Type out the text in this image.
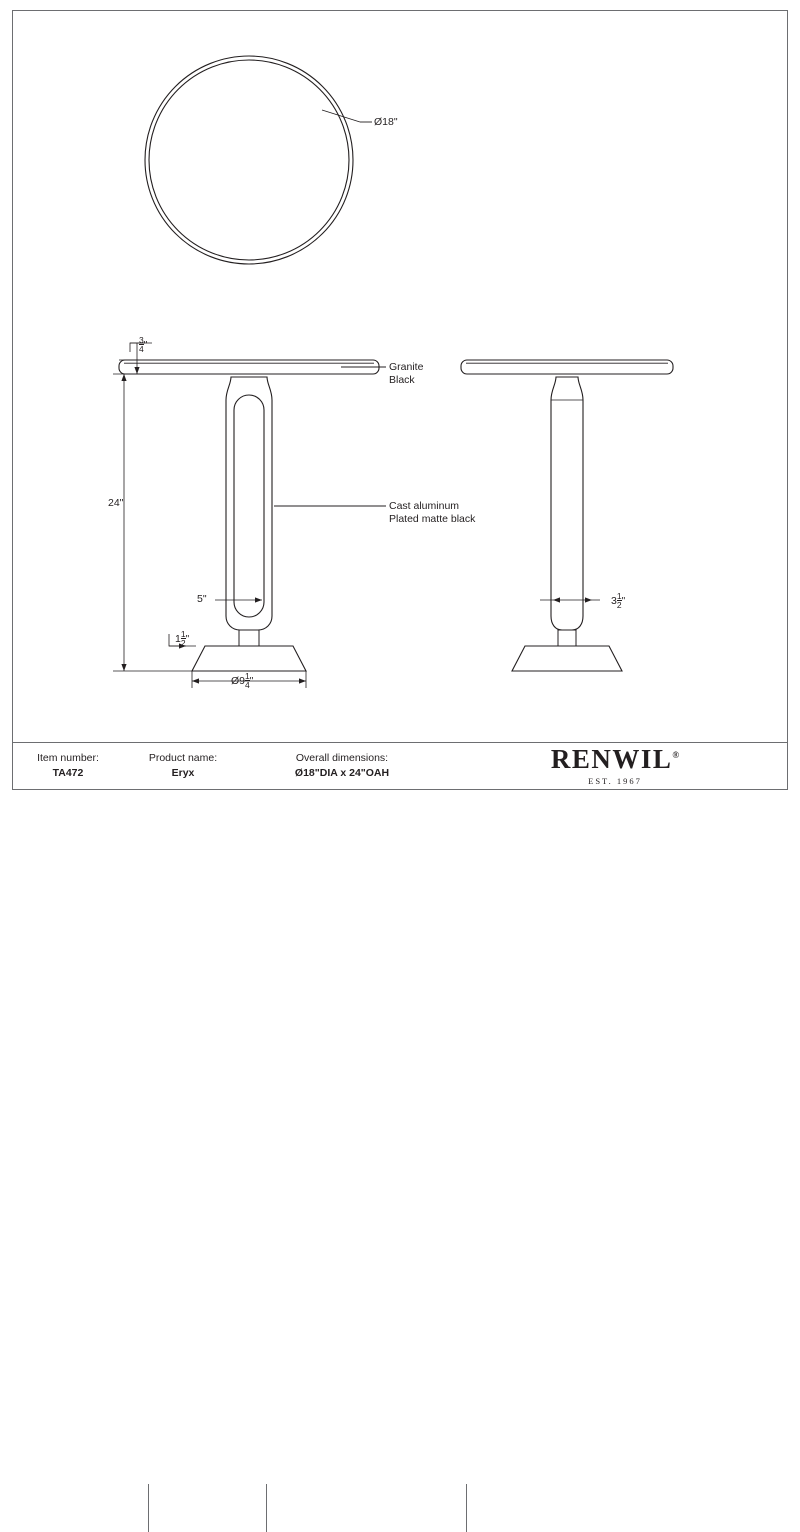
Ø18"
Granite
Black
Cast aluminum
Plated matte black
24"
$\frac{3}{4}$ "
5"
$1 \frac{1}{2}$ "
Ø9 $\frac{1}{4}$ "
$3 \frac{1}{2}$ "
Item number:
TA472
Product name:
Eryx
Overall dimensions:
Ø18"DIA x 24"OAH	RENWIL®
EST. 1967
